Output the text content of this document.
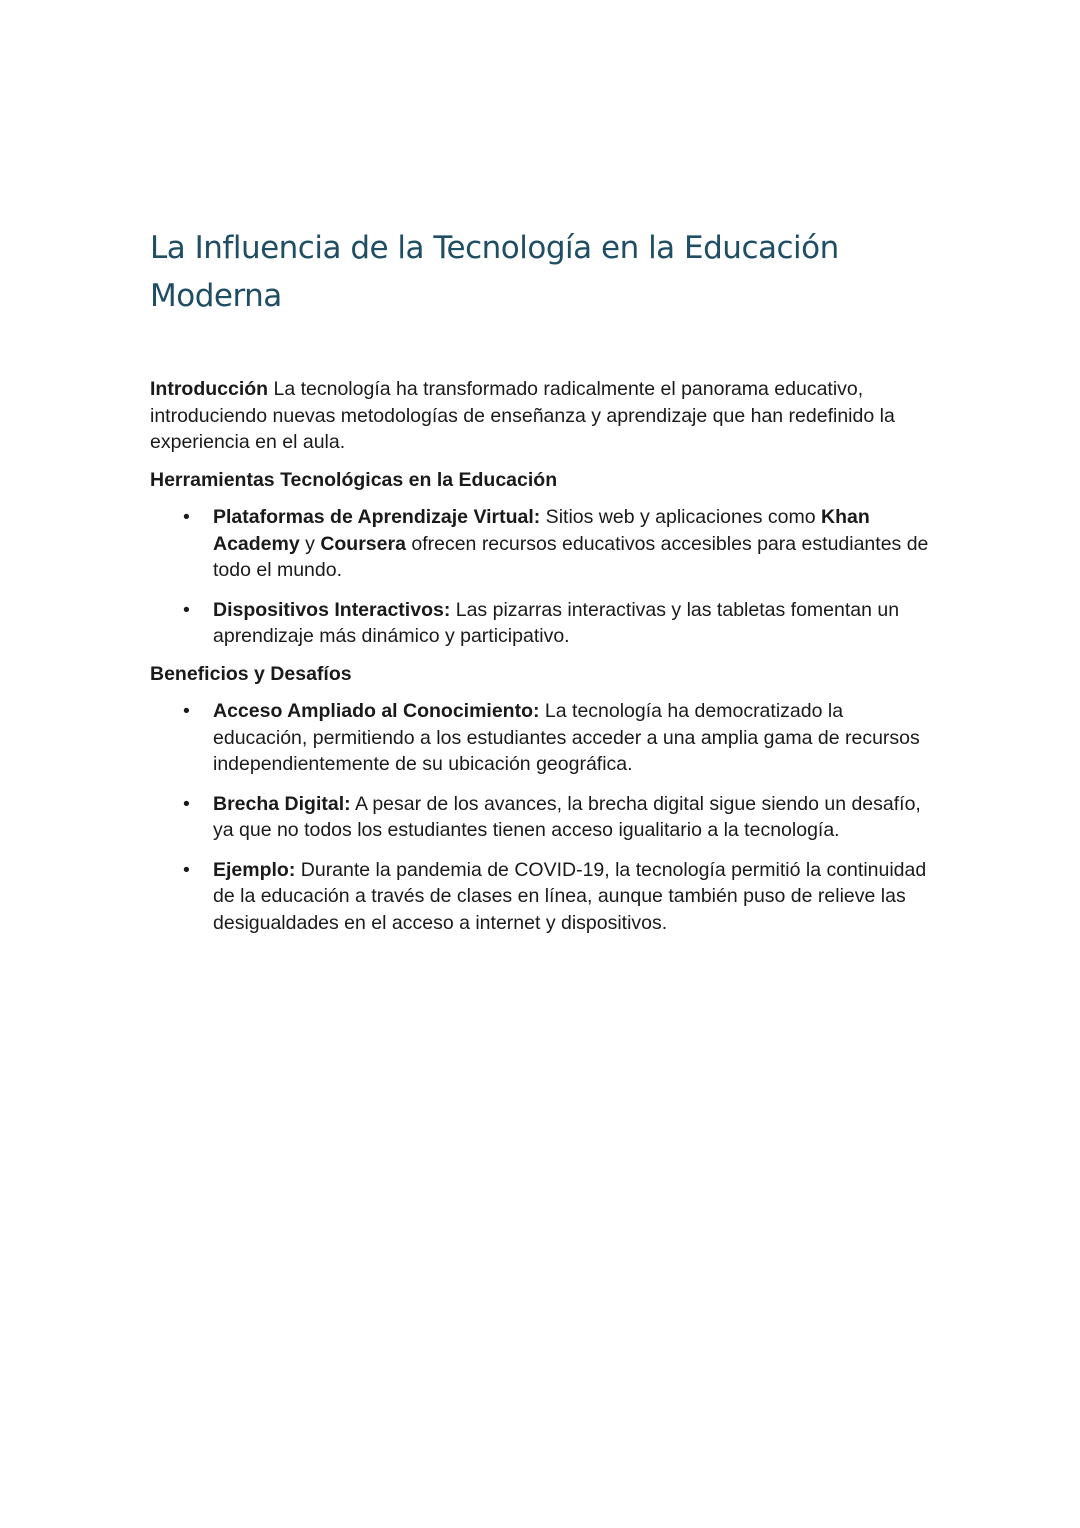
La Influencia de la Tecnología en la Educación Moderna

Introducción La tecnología ha transformado radicalmente el panorama educativo, introduciendo nuevas metodologías de enseñanza y aprendizaje que han redefinido la experiencia en el aula.

Herramientas Tecnológicas en la Educación

• Plataformas de Aprendizaje Virtual: Sitios web y aplicaciones como Khan Academy y Coursera ofrecen recursos educativos accesibles para estudiantes de todo el mundo.
• Dispositivos Interactivos: Las pizarras interactivas y las tabletas fomentan un aprendizaje más dinámico y participativo.

Beneficios y Desafíos

• Acceso Ampliado al Conocimiento: La tecnología ha democratizado la educación, permitiendo a los estudiantes acceder a una amplia gama de recursos independientemente de su ubicación geográfica.
• Brecha Digital: A pesar de los avances, la brecha digital sigue siendo un desafío, ya que no todos los estudiantes tienen acceso igualitario a la tecnología.
• Ejemplo: Durante la pandemia de COVID-19, la tecnología permitió la continuidad de la educación a través de clases en línea, aunque también puso de relieve las desigualdades en el acceso a internet y dispositivos.
